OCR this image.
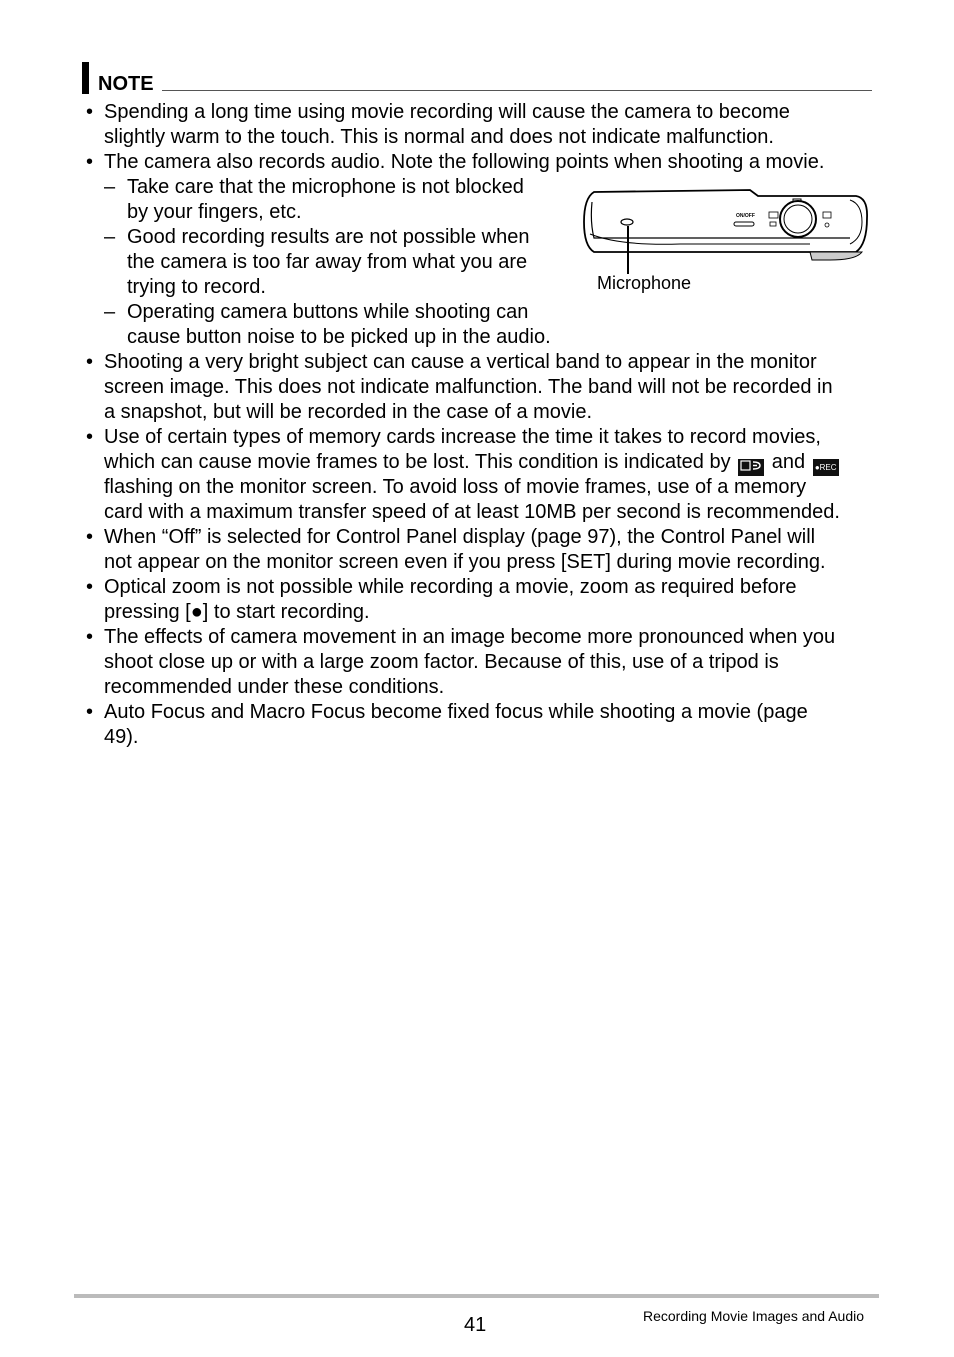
NOTE
• Spending a long time using movie recording will cause the camera to become
slightly warm to the touch. This is normal and does not indicate malfunction.
• The camera also records audio. Note the following points when shooting a movie.
– Take care that the microphone is not blocked
by your fingers, etc.
– Good recording results are not possible when
the camera is too far away from what you are
trying to record.
– Operating camera buttons while shooting can
cause button noise to be picked up in the audio.
ON/OFF
Microphone
• Shooting a very bright subject can cause a vertical band to appear in the monitor
screen image. This does not indicate malfunction. The band will not be recorded in
a snapshot, but will be recorded in the case of a movie.
• Use of certain types of memory cards increase the time it takes to record movies,
which can cause movie frames to be lost. This condition is indicated by and ●REC
flashing on the monitor screen. To avoid loss of movie frames, use of a memory
card with a maximum transfer speed of at least 10MB per second is recommended.
• When “Off” is selected for Control Panel display (page 97), the Control Panel will
not appear on the monitor screen even if you press [SET] during movie recording.
• Optical zoom is not possible while recording a movie, zoom as required before
pressing [●] to start recording.
• The effects of camera movement in an image become more pronounced when you
shoot close up or with a large zoom factor. Because of this, use of a tripod is
recommended under these conditions.
• Auto Focus and Macro Focus become fixed focus while shooting a movie (page
49).
41	Recording Movie Images and Audio
